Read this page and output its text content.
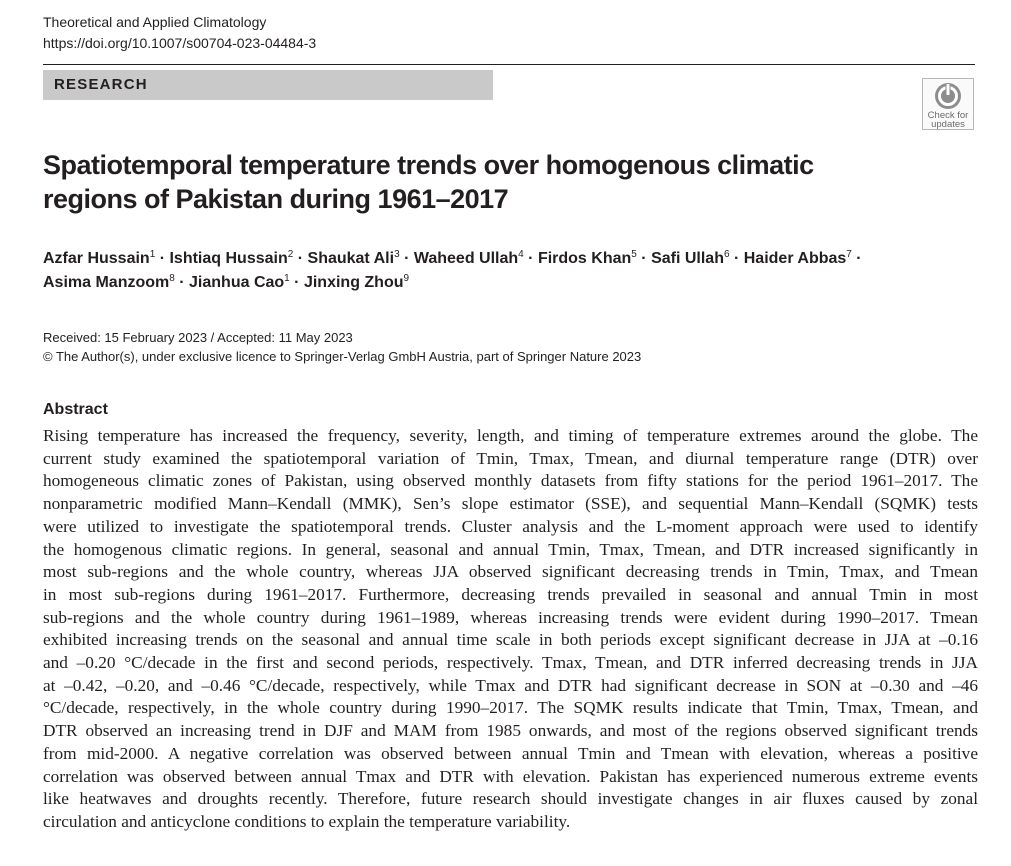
Theoretical and Applied Climatology
https://doi.org/10.1007/s00704-023-04484-3
RESEARCH
Check for
updates
Spatiotemporal temperature trends over homogenous climatic
regions of Pakistan during 1961–2017
Azfar Hussain$^1$ · Ishtiaq Hussain$^2$ · Shaukat Ali$^3$ · Waheed Ullah$^4$ · Firdos Khan$^5$ · Safi Ullah$^6$ · Haider Abbas$^7$ ·
Asima Manzoom$^8$ · Jianhua Cao$^1$ · Jinxing Zhou$^9$
Received: 15 February 2023 / Accepted: 11 May 2023
© The Author(s), under exclusive licence to Springer-Verlag GmbH Austria, part of Springer Nature 2023
Abstract
Rising temperature has increased the frequency, severity, length, and timing of temperature extremes around the globe. The
current study examined the spatiotemporal variation of Tmin, Tmax, Tmean, and diurnal temperature range (DTR) over
homogeneous climatic zones of Pakistan, using observed monthly datasets from fifty stations for the period 1961–2017. The
nonparametric modified Mann–Kendall (MMK), Sen’s slope estimator (SSE), and sequential Mann–Kendall (SQMK) tests
were utilized to investigate the spatiotemporal trends. Cluster analysis and the L-moment approach were used to identify
the homogenous climatic regions. In general, seasonal and annual Tmin, Tmax, Tmean, and DTR increased significantly in
most sub-regions and the whole country, whereas JJA observed significant decreasing trends in Tmin, Tmax, and Tmean
in most sub-regions during 1961–2017. Furthermore, decreasing trends prevailed in seasonal and annual Tmin in most
sub-regions and the whole country during 1961–1989, whereas increasing trends were evident during 1990–2017. Tmean
exhibited increasing trends on the seasonal and annual time scale in both periods except significant decrease in JJA at –0.16
and –0.20 °C/decade in the first and second periods, respectively. Tmax, Tmean, and DTR inferred decreasing trends in JJA
at –0.42, –0.20, and –0.46 °C/decade, respectively, while Tmax and DTR had significant decrease in SON at –0.30 and –46
°C/decade, respectively, in the whole country during 1990–2017. The SQMK results indicate that Tmin, Tmax, Tmean, and
DTR observed an increasing trend in DJF and MAM from 1985 onwards, and most of the regions observed significant trends
from mid-2000. A negative correlation was observed between annual Tmin and Tmean with elevation, whereas a positive
correlation was observed between annual Tmax and DTR with elevation. Pakistan has experienced numerous extreme events
like heatwaves and droughts recently. Therefore, future research should investigate changes in air fluxes caused by zonal
circulation and anticyclone conditions to explain the temperature variability.
